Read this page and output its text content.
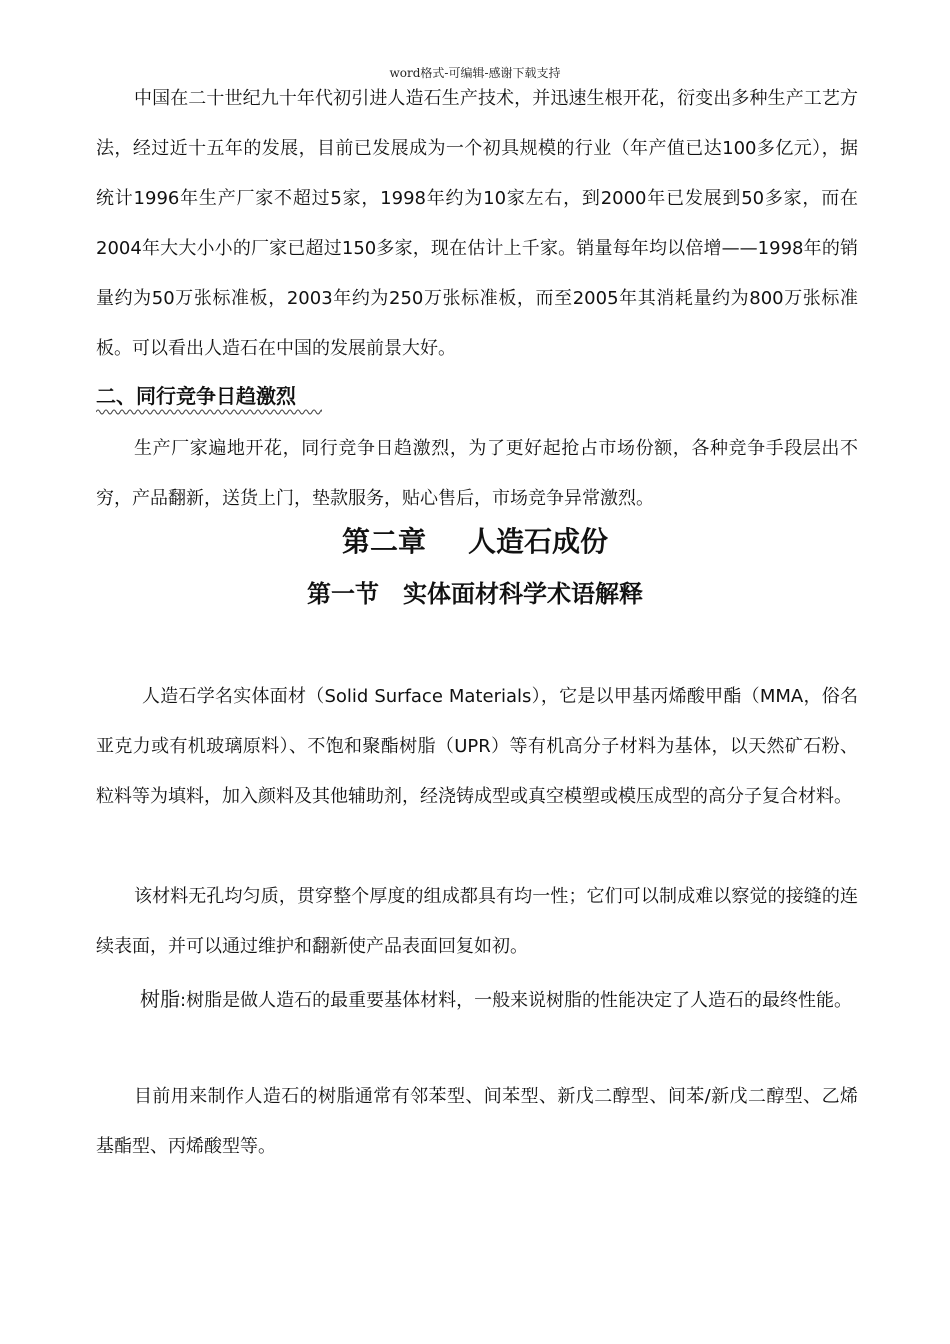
word格式-可编辑-感谢下载支持

中国在二十世纪九十年代初引进人造石生产技术，并迅速生根开花，衍变出多种生产工艺方法，经过近十五年的发展，目前已发展成为一个初具规模的行业（年产值已达100多亿元），据统计1996年生产厂家不超过5家，1998年约为10家左右，到2000年已发展到50多家，而在2004年大大小小的厂家已超过150多家，现在估计上千家。销量每年均以倍增——1998年的销量约为50万张标准板，2003年约为250万张标准板，而至2005年其消耗量约为800万张标准板。可以看出人造石在中国的发展前景大好。

二、同行竞争日趋激烈

生产厂家遍地开花，同行竞争日趋激烈，为了更好起抢占市场份额，各种竞争手段层出不穷，产品翻新，送货上门，垫款服务，贴心售后，市场竞争异常激烈。

第二章 人造石成份
第一节 实体面材科学术语解释

人造石学名实体面材（Solid Surface Materials），它是以甲基丙烯酸甲酯（MMA，俗名亚克力或有机玻璃原料）、不饱和聚酯树脂（UPR）等有机高分子材料为基体，以天然矿石粉、粒料等为填料，加入颜料及其他辅助剂，经浇铸成型或真空模塑或模压成型的高分子复合材料。

该材料无孔均匀质，贯穿整个厚度的组成都具有均一性；它们可以制成难以察觉的接缝的连续表面，并可以通过维护和翻新使产品表面回复如初。

树脂:树脂是做人造石的最重要基体材料，一般来说树脂的性能决定了人造石的最终性能。

目前用来制作人造石的树脂通常有邻苯型、间苯型、新戊二醇型、间苯/新戊二醇型、乙烯基酯型、丙烯酸型等。
